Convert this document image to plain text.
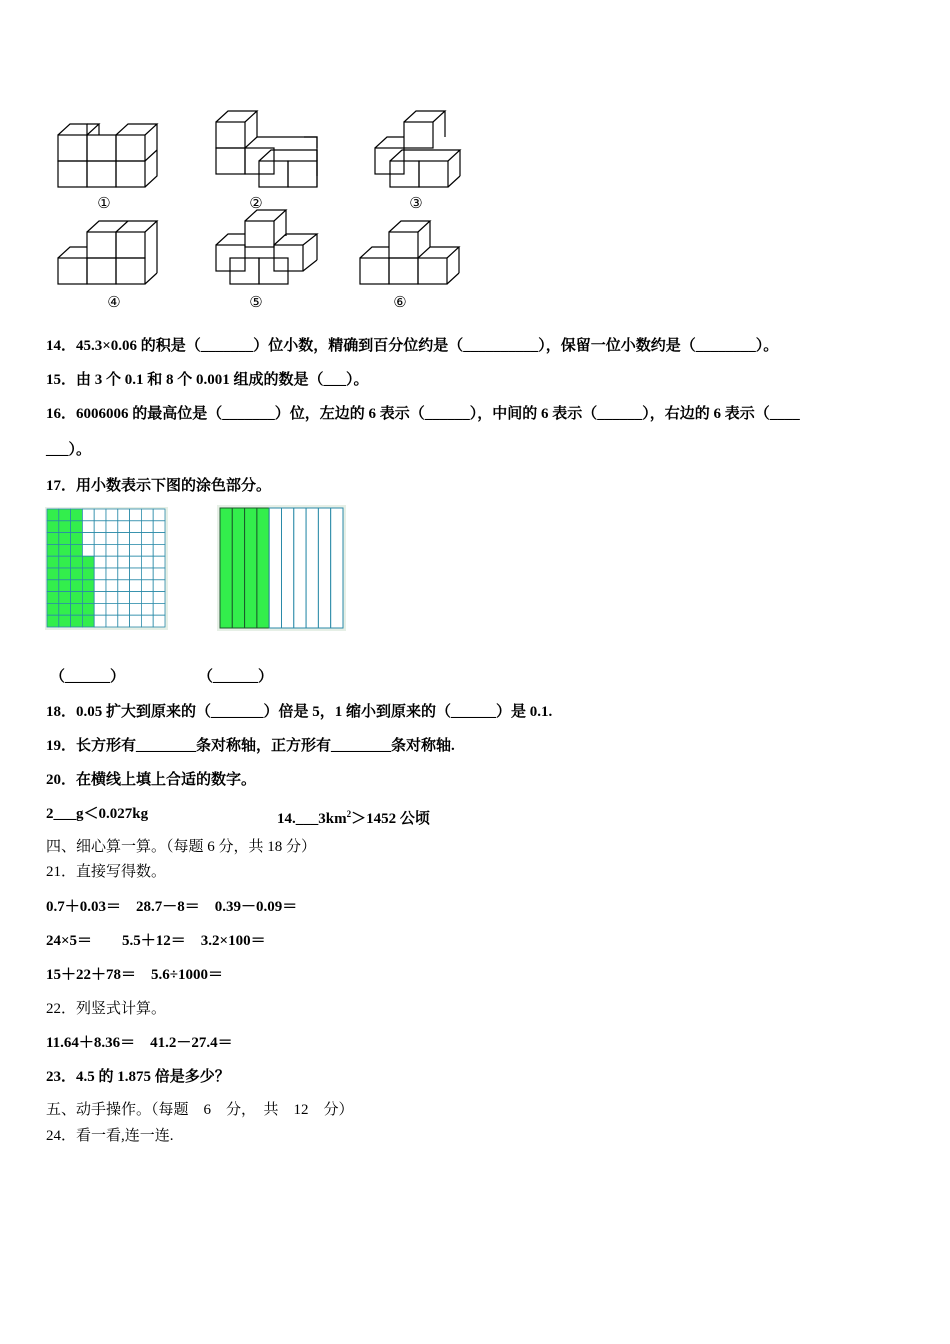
①	②	③
④	⑤	⑥
14．45.3×0.06 的积是（_______）位小数，精确到百分位约是（__________），保留一位小数约是（________）。
15．由 3 个 0.1 和 8 个 0.001 组成的数是（___）。
16．6006006 的最高位是（_______）位，左边的 6 表示（______），中间的 6 表示（______），右边的 6 表示（____
___）。
17．用小数表示下图的涂色部分。
（______）	（______）
18．0.05 扩大到原来的（_______）倍是 5，1 缩小到原来的（______）是 0.1.
19．长方形有________条对称轴，正方形有________条对称轴.
20．在横线上填上合适的数字。
2___g＜0.027kg	$14.\_\_\_3km^2>1452$ 公顷
四、细心算一算。（每题 6 分，共 18 分）
21．直接写得数。
0.7＋0.03＝　28.7－8＝　0.39－0.09＝
24×5＝　　5.5＋12＝　3.2×100＝
15＋22＋78＝　5.6÷1000＝
22．列竖式计算。
11.64＋8.36＝　41.2－27.4＝
23．4.5 的 1.875 倍是多少？
五、动手操作。（每题　6　分，　共　12　分）
24．看一看,连一连.
